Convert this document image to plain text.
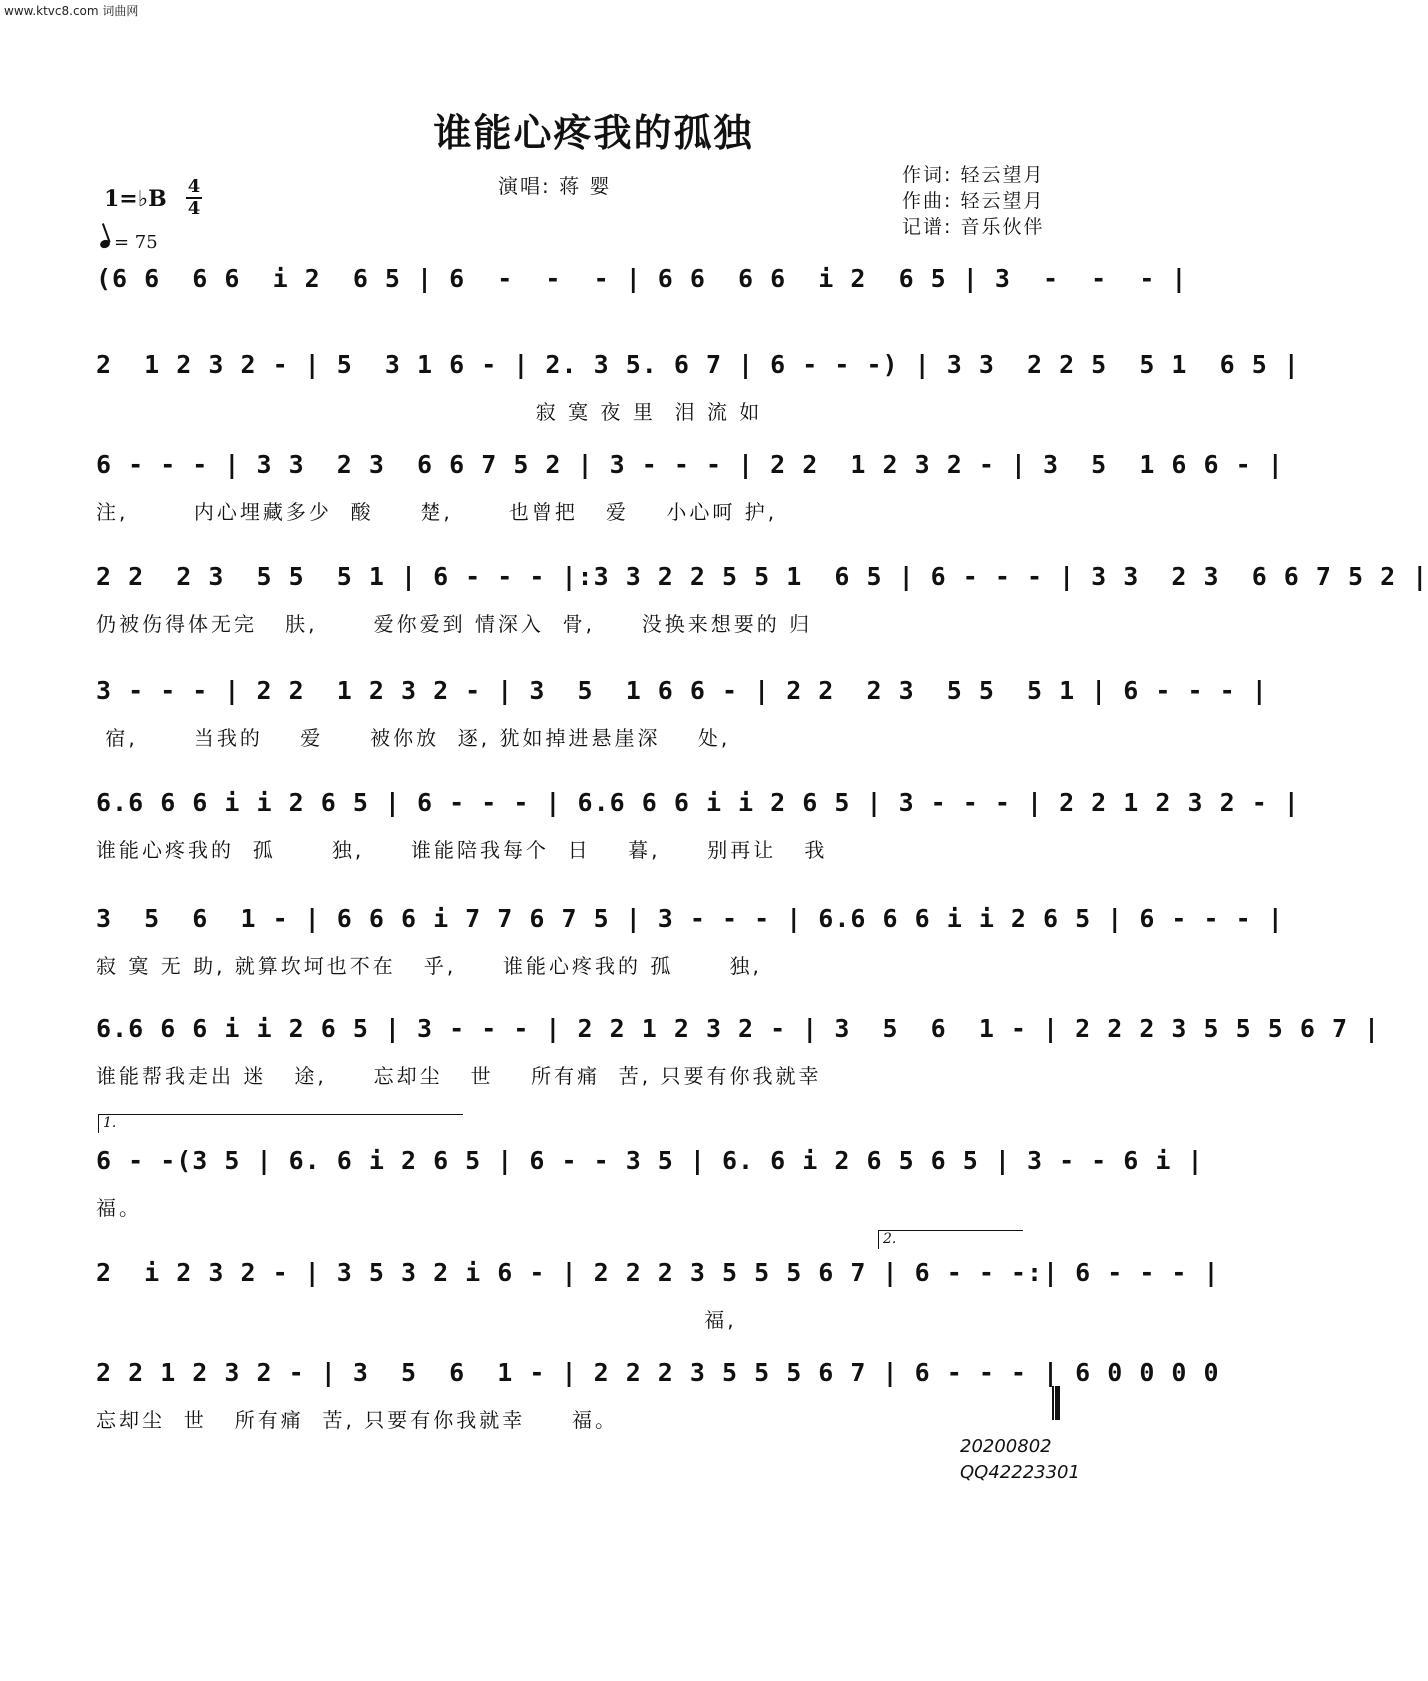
www.ktvc8.com 词曲网
谁能心疼我的孤独
1=♭B 4
4
= 75
演唱: 蒋 婴	作词: 轻云望月
作曲: 轻云望月
记谱: 音乐伙伴
(6 6  6 6  i 2  6 5 | 6  -  -  - | 6 6  6 6  i 2  6 5 | 3  -  -  - |
2  1 2 3 2 - | 5  3 1 6 - | 2. 3 5. 6 7 | 6 - - -) | 3 3  2 2 5  5 1  6 5 |
寂 寞 夜 里  泪 流 如
6 - - - | 3 3  2 3  6 6 7 5 2 | 3 - - - | 2 2  1 2 3 2 - | 3  5  1 6 6 - |
注,       内心埋藏多少  酸     楚,      也曾把   爱    小心呵 护,
2 2  2 3  5 5  5 1 | 6 - - - |:3 3 2 2 5 5 1  6 5 | 6 - - - | 3 3  2 3  6 6 7 5 2 |
仍被伤得体无完   肤,      爱你爱到 情深入  骨,     没换来想要的 归
3 - - - | 2 2  1 2 3 2 - | 3  5  1 6 6 - | 2 2  2 3  5 5  5 1 | 6 - - - |
宿,      当我的    爱     被你放  逐, 犹如掉进悬崖深    处,
6.6 6 6 i i 2 6 5 | 6 - - - | 6.6 6 6 i i 2 6 5 | 3 - - - | 2 2 1 2 3 2 - |
谁能心疼我的  孤      独,     谁能陪我每个  日    暮,     别再让   我
3  5  6  1 - | 6 6 6 i 7 7 6 7 5 | 3 - - - | 6.6 6 6 i i 2 6 5 | 6 - - - |
寂 寞 无 助, 就算坎坷也不在   乎,     谁能心疼我的 孤      独,
6.6 6 6 i i 2 6 5 | 3 - - - | 2 2 1 2 3 2 - | 3  5  6  1 - | 2 2 2 3 5 5 5 6 7 |
谁能帮我走出 迷   途,     忘却尘   世    所有痛  苦, 只要有你我就幸
1.
6 - -(3 5 | 6. 6 i 2 6 5 | 6 - - 3 5 | 6. 6 i 2 6 5 6 5 | 3 - - 6 i |
福。
2.
2  i 2 3 2 - | 3 5 3 2 i 6 - | 2 2 2 3 5 5 5 6 7 | 6 - - -:| 6 - - - |
福,
2 2 1 2 3 2 - | 3  5  6  1 - | 2 2 2 3 5 5 5 6 7 | 6 - - - | 6 0 0 0 0
忘却尘  世   所有痛  苦, 只要有你我就幸     福。
20200802
QQ42223301
